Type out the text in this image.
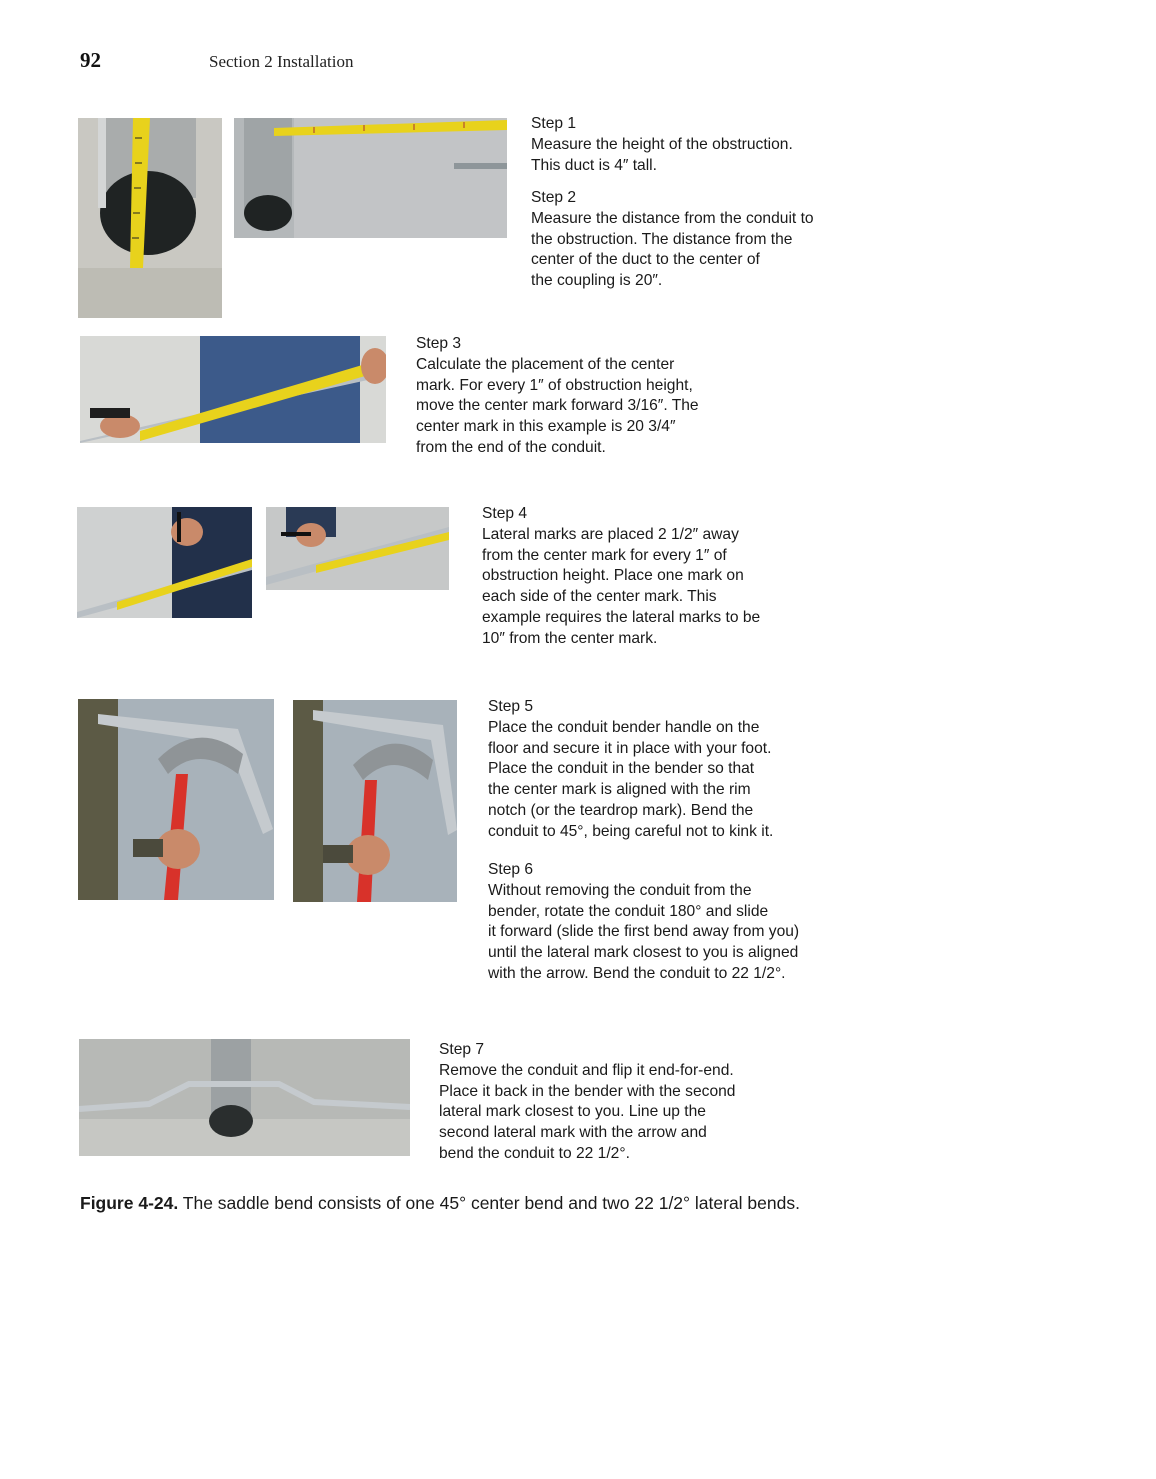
92	Section 2 Installation
Step 1
Measure the height of the obstruction.
This duct is 4″ tall.
Step 2
Measure the distance from the conduit to
the obstruction. The distance from the
center of the duct to the center of
the coupling is 20″.
Step 3
Calculate the placement of the center
mark. For every 1″ of obstruction height,
move the center mark forward 3/16″. The
center mark in this example is 20 3/4″
from the end of the conduit.
Step 4
Lateral marks are placed 2 1/2″ away
from the center mark for every 1″ of
obstruction height. Place one mark on
each side of the center mark. This
example requires the lateral marks to be
10″ from the center mark.
Step 5
Place the conduit bender handle on the
floor and secure it in place with your foot.
Place the conduit in the bender so that
the center mark is aligned with the rim
notch (or the teardrop mark). Bend the
conduit to 45°, being careful not to kink it.
Step 6
Without removing the conduit from the
bender, rotate the conduit 180° and slide
it forward (slide the first bend away from you)
until the lateral mark closest to you is aligned
with the arrow. Bend the conduit to 22 1/2°.
Step 7
Remove the conduit and flip it end-for-end.
Place it back in the bender with the second
lateral mark closest to you. Line up the
second lateral mark with the arrow and
bend the conduit to 22 1/2°.
Figure 4-24. The saddle bend consists of one 45° center bend and two 22 1/2° lateral bends.
